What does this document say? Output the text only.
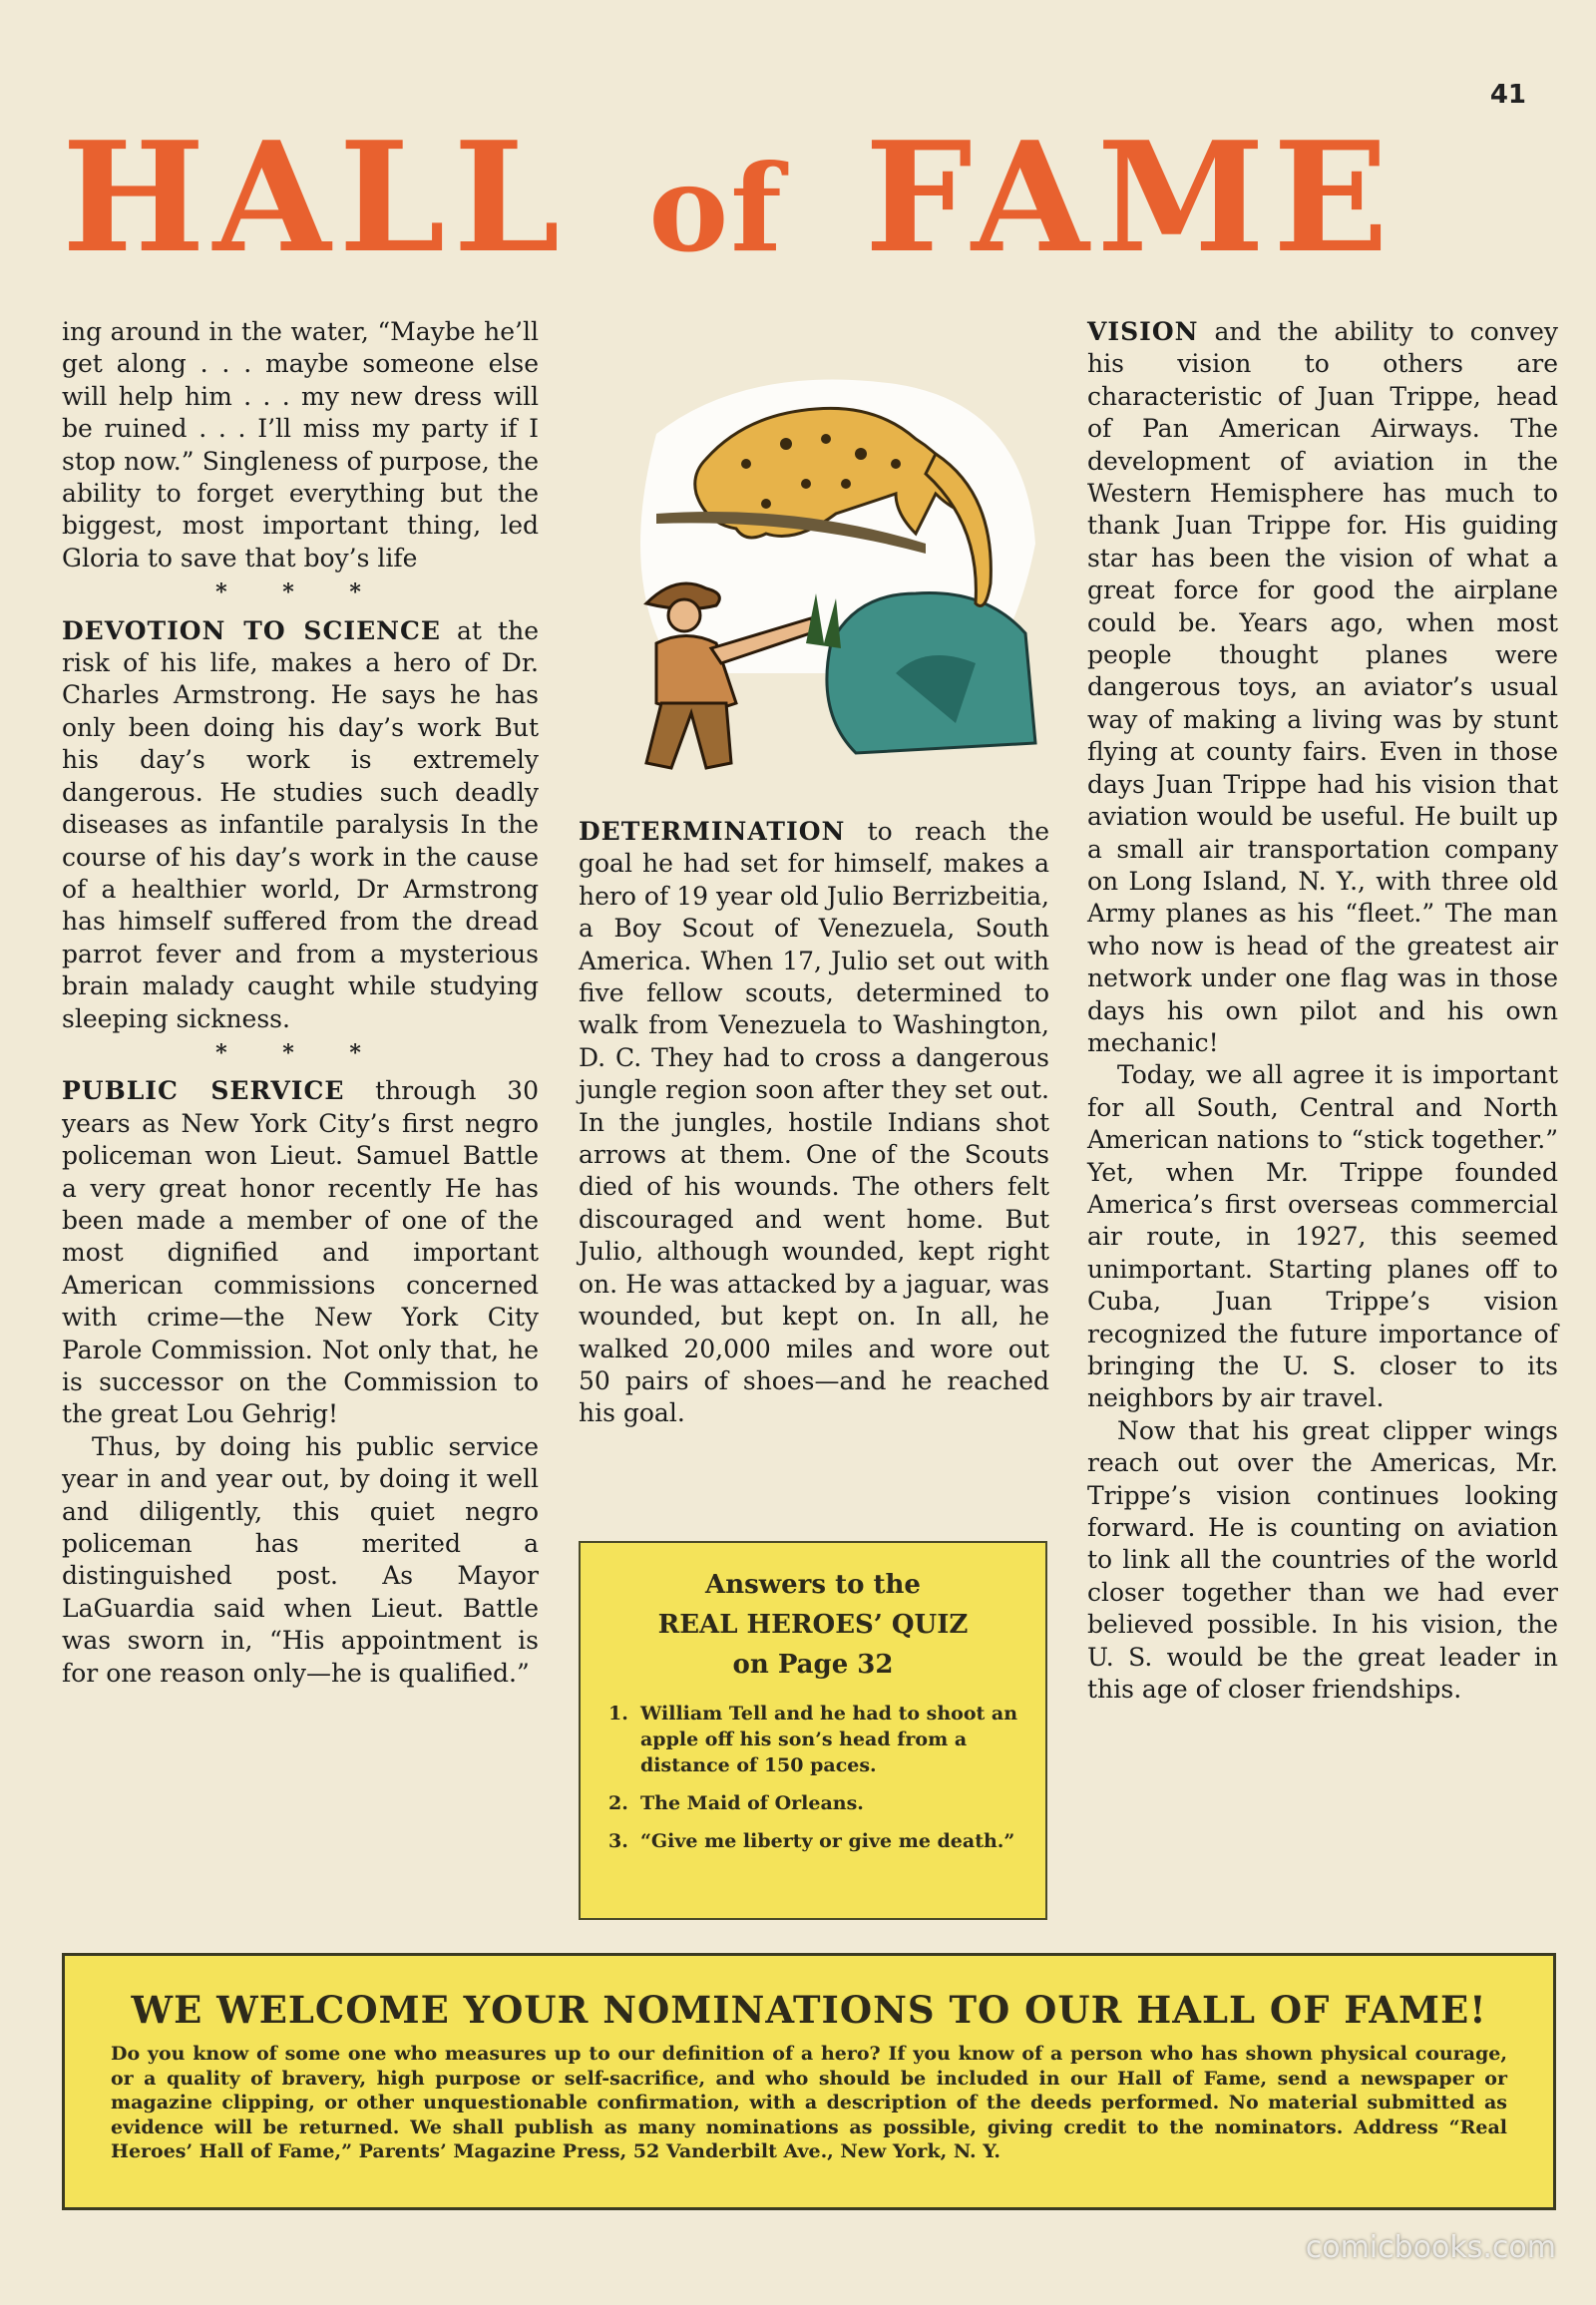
41
HALL of FAME

ing around in the water, “Maybe he’ll get along . . . maybe someone else will help him . . . my new dress will be ruined . . . I’ll miss my party if I stop now.” Singleness of purpose, the ability to forget everything but the biggest, most important thing, led Gloria to save that boy’s life

* * *

DEVOTION TO SCIENCE at the risk of his life, makes a hero of Dr. Charles Armstrong. He says he has only been doing his day’s work But his day’s work is extremely dangerous. He studies such deadly diseases as infantile paralysis In the course of his day’s work in the cause of a healthier world, Dr Armstrong has himself suffered from the dread parrot fever and from a mysterious brain malady caught while studying sleeping sickness.

* * *

PUBLIC SERVICE through 30 years as New York City’s first negro policeman won Lieut. Samuel Battle a very great honor recently He has been made a member of one of the most dignified and important American commissions concerned with crime—the New York City Parole Commission. Not only that, he is successor on the Commission to the great Lou Gehrig!

Thus, by doing his public service year in and year out, by doing it well and diligently, this quiet negro policeman has merited a distinguished post. As Mayor LaGuardia said when Lieut. Battle was sworn in, “His appointment is for one reason only—he is qualified.”

DETERMINATION to reach the goal he had set for himself, makes a hero of 19 year old Julio Berrizbeitia, a Boy Scout of Venezuela, South America. When 17, Julio set out with five fellow scouts, determined to walk from Venezuela to Washington, D. C. They had to cross a dangerous jungle region soon after they set out. In the jungles, hostile Indians shot arrows at them. One of the Scouts died of his wounds. The others felt discouraged and went home. But Julio, although wounded, kept right on. He was attacked by a jaguar, was wounded, but kept on. In all, he walked 20,000 miles and wore out 50 pairs of shoes—and he reached his goal.

VISION and the ability to convey his vision to others are characteristic of Juan Trippe, head of Pan American Airways. The development of aviation in the Western Hemisphere has much to thank Juan Trippe for. His guiding star has been the vision of what a great force for good the airplane could be. Years ago, when most people thought planes were dangerous toys, an aviator’s usual way of making a living was by stunt flying at county fairs. Even in those days Juan Trippe had his vision that aviation would be useful. He built up a small air transportation company on Long Island, N. Y., with three old Army planes as his “fleet.” The man who now is head of the greatest air network under one flag was in those days his own pilot and his own mechanic!

Today, we all agree it is important for all South, Central and North American nations to “stick together.” Yet, when Mr. Trippe founded America’s first overseas commercial air route, in 1927, this seemed unimportant. Starting planes off to Cuba, Juan Trippe’s vision recognized the future importance of bringing the U. S. closer to its neighbors by air travel.

Now that his great clipper wings reach out over the Americas, Mr. Trippe’s vision continues looking forward. He is counting on aviation to link all the countries of the world closer together than we had ever believed possible. In his vision, the U. S. would be the great leader in this age of closer friendships.

Answers to the
REAL HEROES’ QUIZ
on Page 32
1. William Tell and he had to shoot an apple off his son’s head from a distance of 150 paces.
2. The Maid of Orleans.
3. “Give me liberty or give me death.”
WE WELCOME YOUR NOMINATIONS TO OUR HALL OF FAME!
Do you know of some one who measures up to our definition of a hero? If you know of a person who has shown physical courage, or a quality of bravery, high purpose or self-sacrifice, and who should be included in our Hall of Fame, send a newspaper or magazine clipping, or other unquestionable confirmation, with a description of the deeds performed. No material submitted as evidence will be returned. We shall publish as many nominations as possible, giving credit to the nominators. Address “Real Heroes’ Hall of Fame,” Parents’ Magazine Press, 52 Vanderbilt Ave., New York, N. Y.
comicbooks.com
